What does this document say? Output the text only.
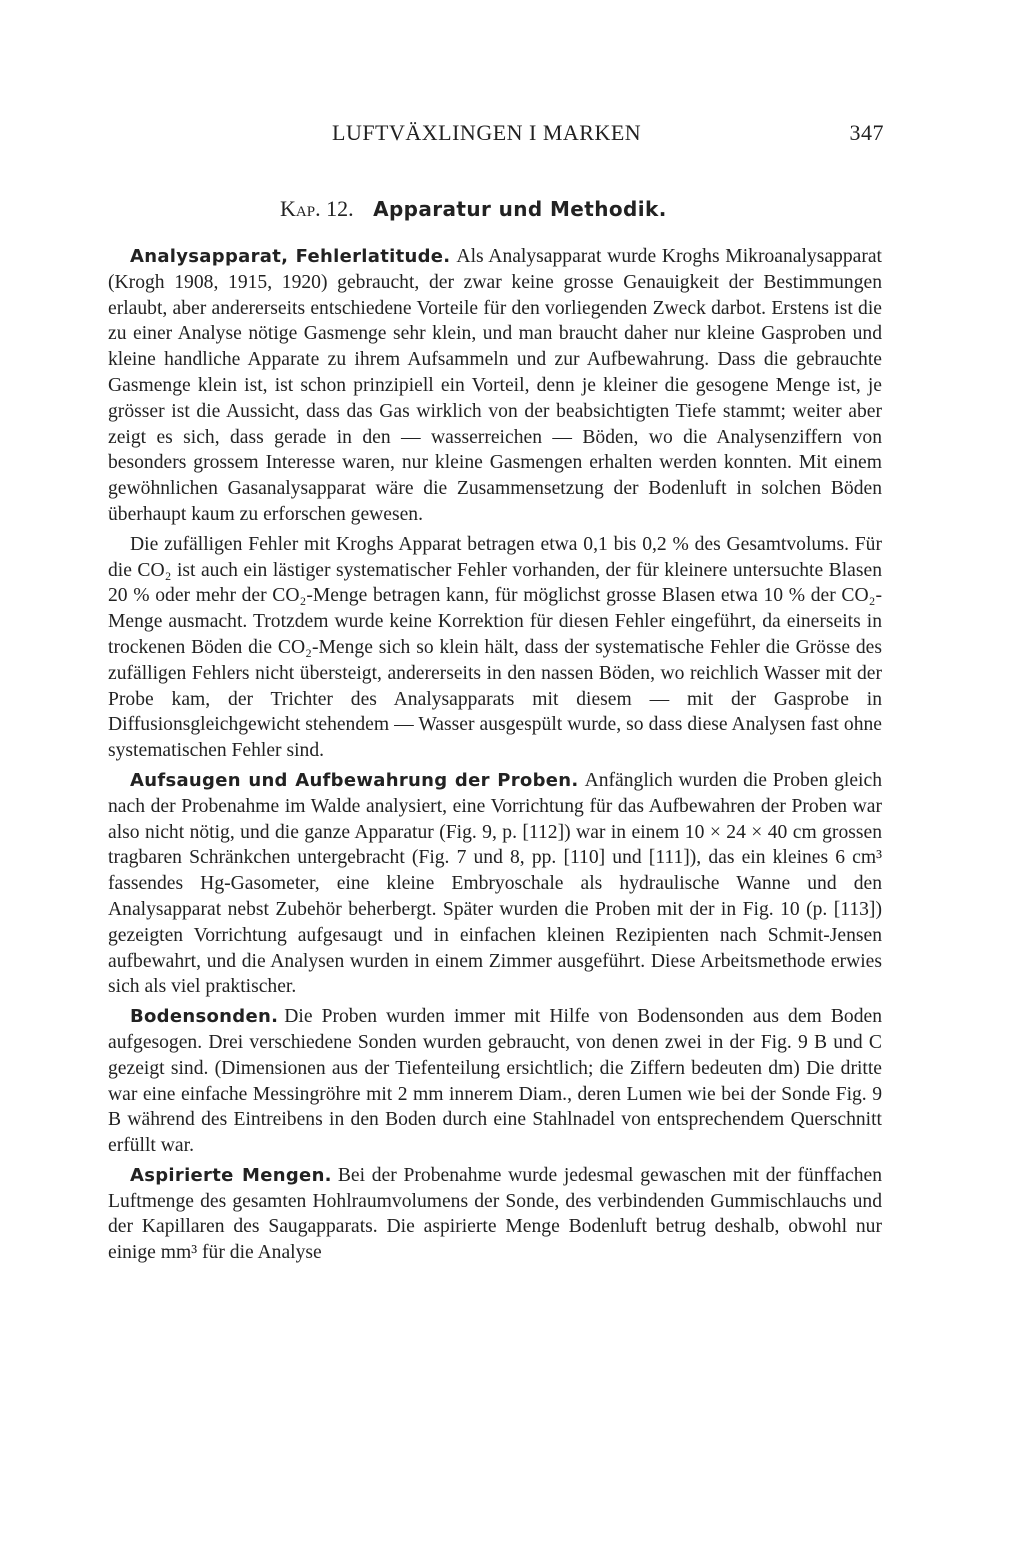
LUFTVÄXLINGEN I MARKEN	347
Kap. 12. Apparatur und Methodik.

Analysapparat, Fehlerlatitude. Als Analysapparat wurde Kroghs Mikroanalysapparat (Krogh 1908, 1915, 1920) gebraucht, der zwar keine grosse Genauigkeit der Bestimmungen erlaubt, aber andererseits entschiedene Vorteile für den vorliegenden Zweck darbot. Erstens ist die zu einer Analyse nötige Gasmenge sehr klein, und man braucht daher nur kleine Gasproben und kleine handliche Apparate zu ihrem Aufsammeln und zur Aufbewahrung. Dass die gebrauchte Gasmenge klein ist, ist schon prinzipiell ein Vorteil, denn je kleiner die gesogene Menge ist, je grösser ist die Aussicht, dass das Gas wirklich von der beabsichtigten Tiefe stammt; weiter aber zeigt es sich, dass gerade in den — wasserreichen — Böden, wo die Analysenziffern von besonders grossem Interesse waren, nur kleine Gasmengen erhalten werden konnten. Mit einem gewöhnlichen Gasanalysapparat wäre die Zusammensetzung der Bodenluft in solchen Böden überhaupt kaum zu erforschen gewesen.

Die zufälligen Fehler mit Kroghs Apparat betragen etwa 0,1 bis 0,2 % des Gesamtvolums. Für die CO₂ ist auch ein lästiger systematischer Fehler vorhanden, der für kleinere untersuchte Blasen 20 % oder mehr der CO₂-Menge betragen kann, für möglichst grosse Blasen etwa 10 % der CO₂-Menge ausmacht. Trotzdem wurde keine Korrektion für diesen Fehler eingeführt, da einerseits in trockenen Böden die CO₂-Menge sich so klein hält, dass der systematische Fehler die Grösse des zufälligen Fehlers nicht übersteigt, andererseits in den nassen Böden, wo reichlich Wasser mit der Probe kam, der Trichter des Analysapparats mit diesem — mit der Gasprobe in Diffusionsgleichgewicht stehendem — Wasser ausgespült wurde, so dass diese Analysen fast ohne systematischen Fehler sind.

Aufsaugen und Aufbewahrung der Proben. Anfänglich wurden die Proben gleich nach der Probenahme im Walde analysiert, eine Vorrichtung für das Aufbewahren der Proben war also nicht nötig, und die ganze Apparatur (Fig. 9, p. [112]) war in einem 10 × 24 × 40 cm grossen tragbaren Schränkchen untergebracht (Fig. 7 und 8, pp. [110] und [111]), das ein kleines 6 cm³ fassendes Hg-Gasometer, eine kleine Embryoschale als hydraulische Wanne und den Analysapparat nebst Zubehör beherbergt. Später wurden die Proben mit der in Fig. 10 (p. [113]) gezeigten Vorrichtung aufgesaugt und in einfachen kleinen Rezipienten nach Schmit-Jensen aufbewahrt, und die Analysen wurden in einem Zimmer ausgeführt. Diese Arbeitsmethode erwies sich als viel praktischer.

Bodensonden. Die Proben wurden immer mit Hilfe von Bodensonden aus dem Boden aufgesogen. Drei verschiedene Sonden wurden gebraucht, von denen zwei in der Fig. 9 B und C gezeigt sind. (Dimensionen aus der Tiefenteilung ersichtlich; die Ziffern bedeuten dm) Die dritte war eine einfache Messingröhre mit 2 mm innerem Diam., deren Lumen wie bei der Sonde Fig. 9 B während des Eintreibens in den Boden durch eine Stahlnadel von entsprechendem Querschnitt erfüllt war.

Aspirierte Mengen. Bei der Probenahme wurde jedesmal gewaschen mit der fünffachen Luftmenge des gesamten Hohlraumvolumens der Sonde, des verbindenden Gummischlauchs und der Kapillaren des Saugapparats. Die aspirierte Menge Bodenluft betrug deshalb, obwohl nur einige mm³ für die Analyse
